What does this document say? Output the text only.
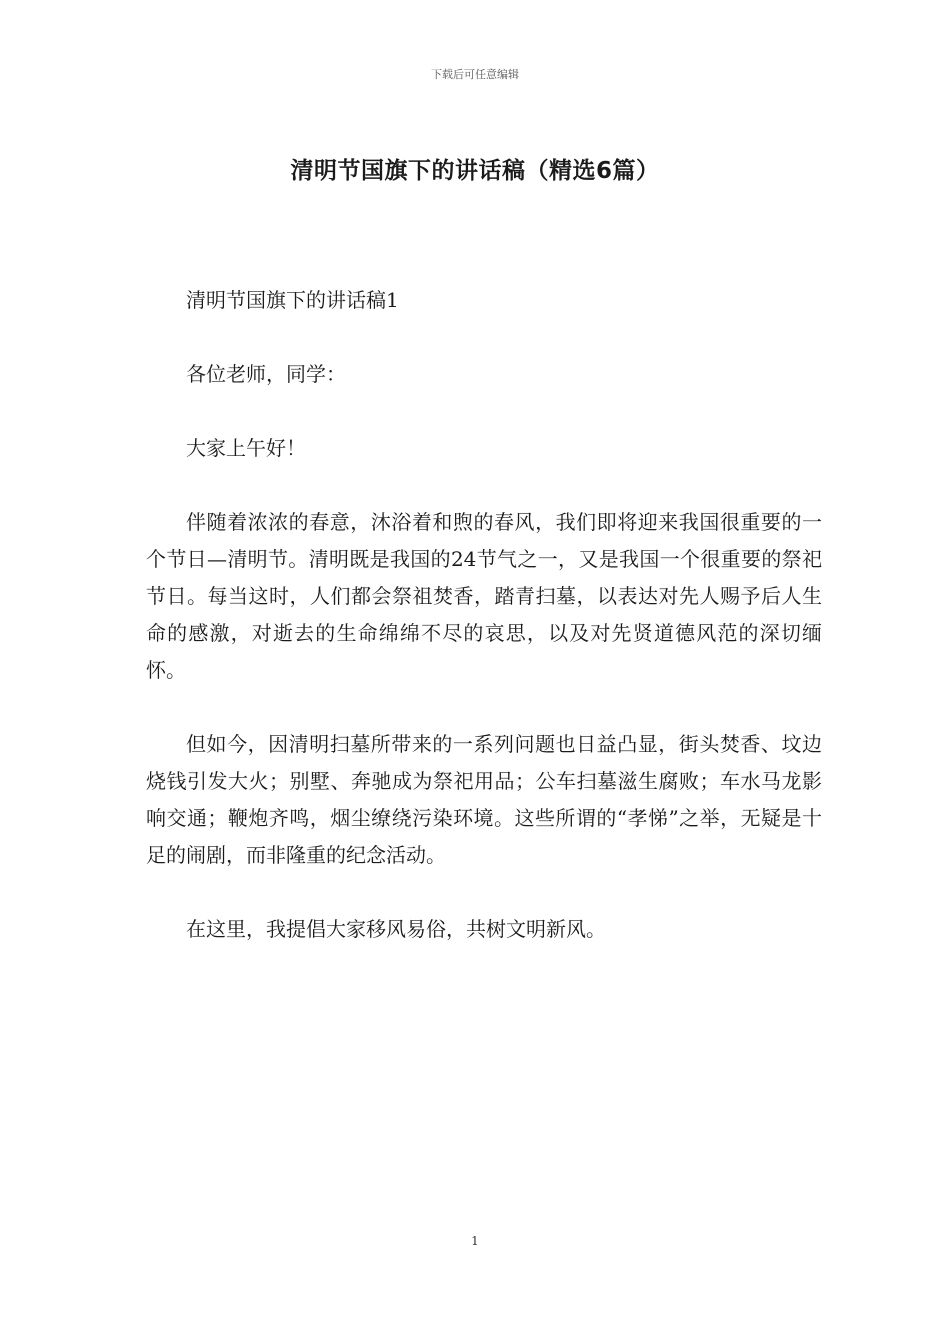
下载后可任意编辑
清明节国旗下的讲话稿（精选6篇）

清明节国旗下的讲话稿1

各位老师，同学：

大家上午好！

伴随着浓浓的春意，沐浴着和煦的春风，我们即将迎来我国很重要的一个节日—清明节。清明既是我国的24节气之一，又是我国一个很重要的祭祀节日。每当这时，人们都会祭祖焚香，踏青扫墓，以表达对先人赐予后人生命的感激，对逝去的生命绵绵不尽的哀思，以及对先贤道德风范的深切缅怀。

但如今，因清明扫墓所带来的一系列问题也日益凸显，街头焚香、坟边烧钱引发大火；别墅、奔驰成为祭祀用品；公车扫墓滋生腐败；车水马龙影响交通；鞭炮齐鸣，烟尘缭绕污染环境。这些所谓的“孝悌”之举，无疑是十足的闹剧，而非隆重的纪念活动。

在这里，我提倡大家移风易俗，共树文明新风。

1
